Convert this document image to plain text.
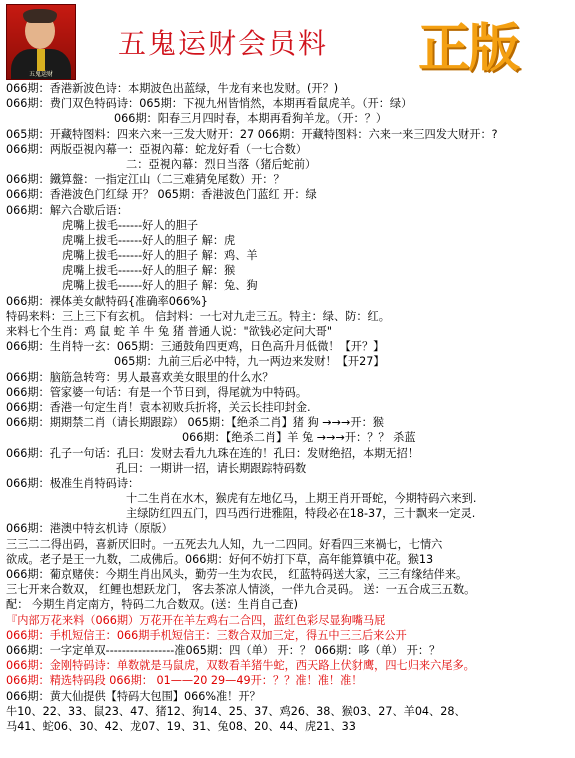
五鬼运财
五鬼运财会员料 正版
066期：香港新波色诗：本期波色出蓝绿，牛龙有来也发财。(开？)
066期：费门双色特码诗：065期：下视九州皆悄然，本期再看鼠虎羊。（开：绿）
066期：阳春三月四时春，本期再看狗羊龙。（开：？）
065期：开藏特图料：四来六来一三发大财开：27 066期：开藏特图料：六来一来三四发大财开：?
066期：两版亞視內幕一：亞視內幕：蛇龙好看（一七合数）
二：亞視內幕：烈日当落（猪后蛇前）
066期：鐵算盤：一指定江山（二三难猜免尾数）开：？
066期：香港波色门红绿 开？ 065期：香港波色门蓝红 开：绿
066期：解六合歇后语：
虎嘴上拔毛------好人的胆子
虎嘴上拔毛------好人的胆子 解：虎
虎嘴上拔毛------好人的胆子 解：鸡、羊
虎嘴上拔毛------好人的胆子 解：猴
虎嘴上拔毛------好人的胆子 解：兔、狗
066期：裸体美女献特码{准确率066%}
特码来料：三上三下有玄机。 信封料：一七对九走三五。特主：绿、防：红。
来料七个生肖：鸡 鼠 蛇 羊 牛 兔 猪 普通人说："欲钱必定问大哥"
066期：生肖特一玄：065期：三通鼓角四更鸡，日色高升月低微！【开？】
065期：九前三后必中特，九一两边来发财！【开27】
066期：脑筋急转弯：男人最喜欢美女眼里的什么水？
066期：管家婆一句话：有是一个节日到，得尾就为中特码。
066期：香港一句定生肖！袁本初败兵折将，关云长挂印封金.
066期：期期禁二肖（请长期跟踪） 065期：【绝杀二肖】猪 狗 →→→开：猴
066期：【绝杀二肖】羊 兔 →→→开：？？ 杀蓝
066期：孔子一句话：孔曰：发财去看九九珠在连的！孔曰：发财绝招，本期无招！
孔曰：一期讲一招，请长期跟踪特码数
066期：极准生肖特码诗：
十二生肖在水木，猴虎有左地亿马，上期王肖开哥蛇，今期特码六来到.
主绿防红四五门，四马西行进雅阻，特段必在18-37，三十飘来一定灵.
066期：港澳中特玄机诗（原版）
三三二二得出码，喜新厌旧时。一五死去九人知，九一二四同。好看四三来禍七，七情六
欲成。老子是王一九数，二成佛后。066期：好何不妨打下草，高年能算镇中花。猴13
066期：葡京赌侠：今期生肖出风头，勤劳一生为农民， 红蓝特码送大家，三三有缘结伴来。
三七开来合数双， 红鲤也想跃龙门， 客去茶凉人情淡，一伴九合灵码。 送：一五合成三五数。
配： 今期生肖定南方，特码二九合数双。(送：生肖自己查)
『内部万花来料（066期）万花开在羊左鸡右二合四，蓝红色彩尽显狗嘴马屁
066期：手机短信王：066期手机短信王：三数合双加三定，得五中三三后来公开
066期：一字定单双-----------------准065期：四（单） 开：？ 066期：哆（单） 开：？
066期：金刚特码诗：单数就是马鼠虎，双数看羊猪牛蛇，西天路上伏豺鹰，四七归来六尾多。
066期：精选特码段 066期： 01——20 29—49开：？？准！准！准！
066期：黄大仙提供【特码大包围】066%准！开？
牛10、22、33、鼠23、47、猪12、狗14、25、37、鸡26、38、猴03、27、羊04、28、
马41、蛇06、30、42、龙07、19、31、兔08、20、44、虎21、33
